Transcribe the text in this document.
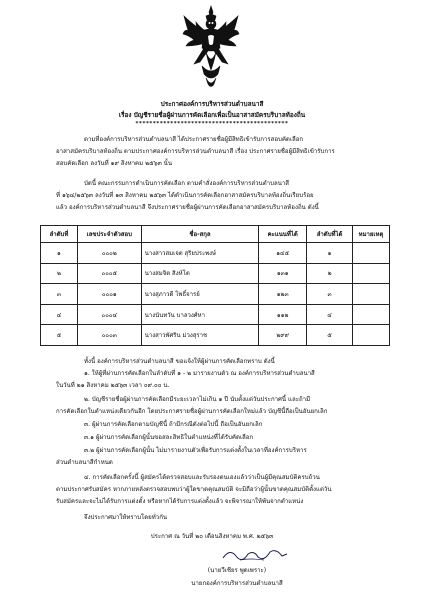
ประกาศองค์การบริหารส่วนตำบลนาสี
เรื่อง บัญชีรายชื่อผู้ผ่านการคัดเลือกเพื่อเป็นอาสาสมัครบริบาลท้องถิ่น
********************************************
ตามที่องค์การบริหารส่วนตำบลนาสี ได้ประกาศรายชื่อผู้มีสิทธิเข้ารับการสอบคัดเลือก
อาสาสมัครบริบาลท้องถิ่น ตามประกาศองค์การบริหารส่วนตำบลนาสี เรื่อง ประกาศรายชื่อผู้มีสิทธิเข้ารับการ
สอบคัดเลือก ลงวันที่ ๑๙ สิงหาคม ๒๕๖๓ นั้น
บัดนี้ คณะกรรมการดำเนินการคัดเลือก ตามคำสั่งองค์การบริหารส่วนตำบลนาสี
ที่ ๑๖๔/๒๕๖๓ ลงวันที่ ๑๓ สิงหาคม ๒๕๖๓ ได้ดำเนินการคัดเลือกอาสาสมัครบริบาลท้องถิ่นเรียบร้อย
แล้ว องค์การบริหารส่วนตำบลนาสี จึงประกาศรายชื่อผู้ผ่านการคัดเลือกอาสาสมัครบริบาลท้องถิ่น ดังนี้
ลำดับที่	เลขประจำตัวสอบ	ชื่อ-สกุล	คะแนนที่ได้	ลำดับที่ได้	หมายเหตุ
๑	๐๐๐๒	นางสาวสมเจต สุริยประพงษ์	๑๔๕	๑	
๒	๐๐๐๕	นางสมจิต สิงห์โต	๑๓๑	๒	
๓	๐๐๐๑	นางสุภาวดี โพธิ์จารย์	๑๒๓	๓	
๔	๐๐๐๔	นางนันทวัน บาลวงศ์หา	๑๑๒	๔	
๕	๐๐๐๓	นางสาวพัศริน ม่วงสุราช	๒๙๙	๕	
ทั้งนี้ องค์การบริหารส่วนตำบลนาสี ขอแจ้งให้ผู้ผ่านการคัดเลือกทราบ ดังนี้
๑. ให้ผู้ที่ผ่านการคัดเลือกในลำดับที่ ๑ - ๒ มารายงานตัว ณ องค์การบริหารส่วนตำบลนาสี
ในวันที่ ๒๑ สิงหาคม ๒๕๖๓ เวลา ๐๙.๐๐ น.
๒. บัญชีรายชื่อผู้ผ่านการคัดเลือกมีระยะเวลาไม่เกิน ๑ ปี นับตั้งแต่วันประกาศนี้ และถ้ามี
การคัดเลือกในตำแหน่งเดียวกันอีก โดยประกาศรายชื่อผู้ผ่านการคัดเลือกใหม่แล้ว บัญชีนี้ถือเป็นอันยกเลิก
๓. ผู้ผ่านการคัดเลือกตามบัญชีนี้ ถ้ามีกรณีดังต่อไปนี้ ถือเป็นอันยกเลิก
๓.๑ ผู้ผ่านการคัดเลือกผู้นั้นขอสละสิทธิในตำแหน่งที่ได้รับคัดเลือก
๓.๒ ผู้ผ่านการคัดเลือกผู้นั้น ไม่มารายงานตัวเพื่อรับการแต่งตั้งในเวลาที่องค์การบริหาร
ส่วนตำบลนาสีกำหนด
๔. การคัดเลือกครั้งนี้ ผู้สมัครได้ตรวจสอบและรับรองตนเองแล้วว่าเป็นผู้มีคุณสมบัติครบถ้วน
ตามประกาศรับสมัคร หากภายหลังตรวจสอบพบว่าผู้ใดขาดคุณสมบัติ จะมิถือว่าผู้นั้นขาดคุณสมบัติตั้งแต่วัน
รับสมัครและจะไม่ได้รับการแต่งตั้ง หรือหากได้รับการแต่งตั้งแล้ว จะพิจารณาให้พ้นจากตำแหน่ง
จึงประกาศมาให้ทราบโดยทั่วกัน
ประกาศ ณ วันที่ ๒๐ เดือนสิงหาคม พ.ศ. ๒๕๖๓
(นายวีเชียร พูดเพราะ)
นายกองค์การบริหารส่วนตำบลนาสี
